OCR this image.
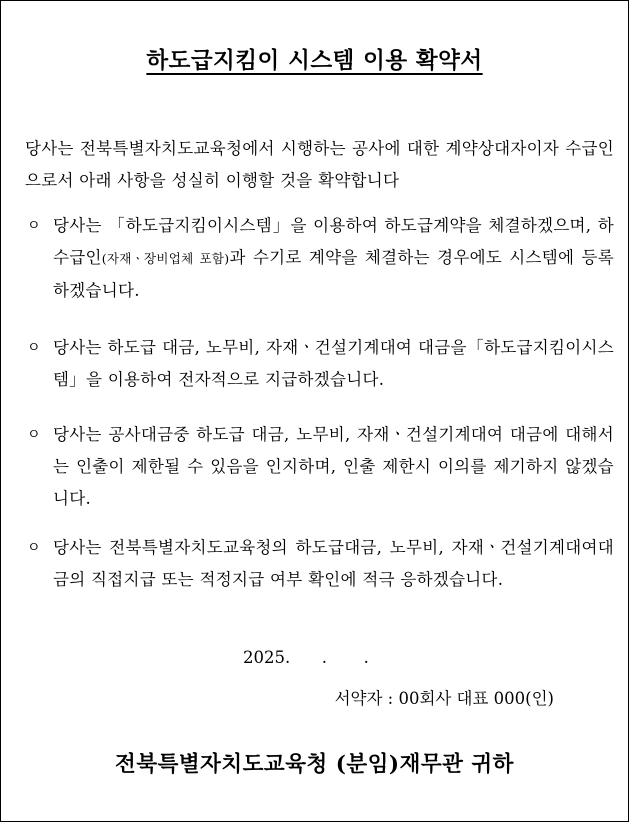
하도급지킴이 시스템 이용 확약서
당사는 전북특별자치도교육청에서 시행하는 공사에 대한 계약상대자이자 수급인으로서 아래 사항을 성실히 이행할 것을 확약합니다
ㅇ 당사는 「하도급지킴이시스템」을 이용하여 하도급계약을 체결하겠으며, 하수급인(자재ㆍ장비업체 포함)과 수기로 계약을 체결하는 경우에도 시스템에 등록하겠습니다.
ㅇ 당사는 하도급 대금, 노무비, 자재ㆍ건설기계대여 대금을「하도급지킴이시스템」을 이용하여 전자적으로 지급하겠습니다.
ㅇ 당사는 공사대금중 하도급 대금, 노무비, 자재ㆍ건설기계대여 대금에 대해서는 인출이 제한될 수 있음을 인지하며, 인출 제한시 이의를 제기하지 않겠습니다.
ㅇ 당사는 전북특별자치도교육청의 하도급대금, 노무비, 자재ㆍ건설기계대여대금의 직접지급 또는 적정지급 여부 확인에 적극 응하겠습니다.
2025.      .       .
서약자 : 00회사 대표 000(인)
전북특별자치도교육청 (분임)재무관 귀하
